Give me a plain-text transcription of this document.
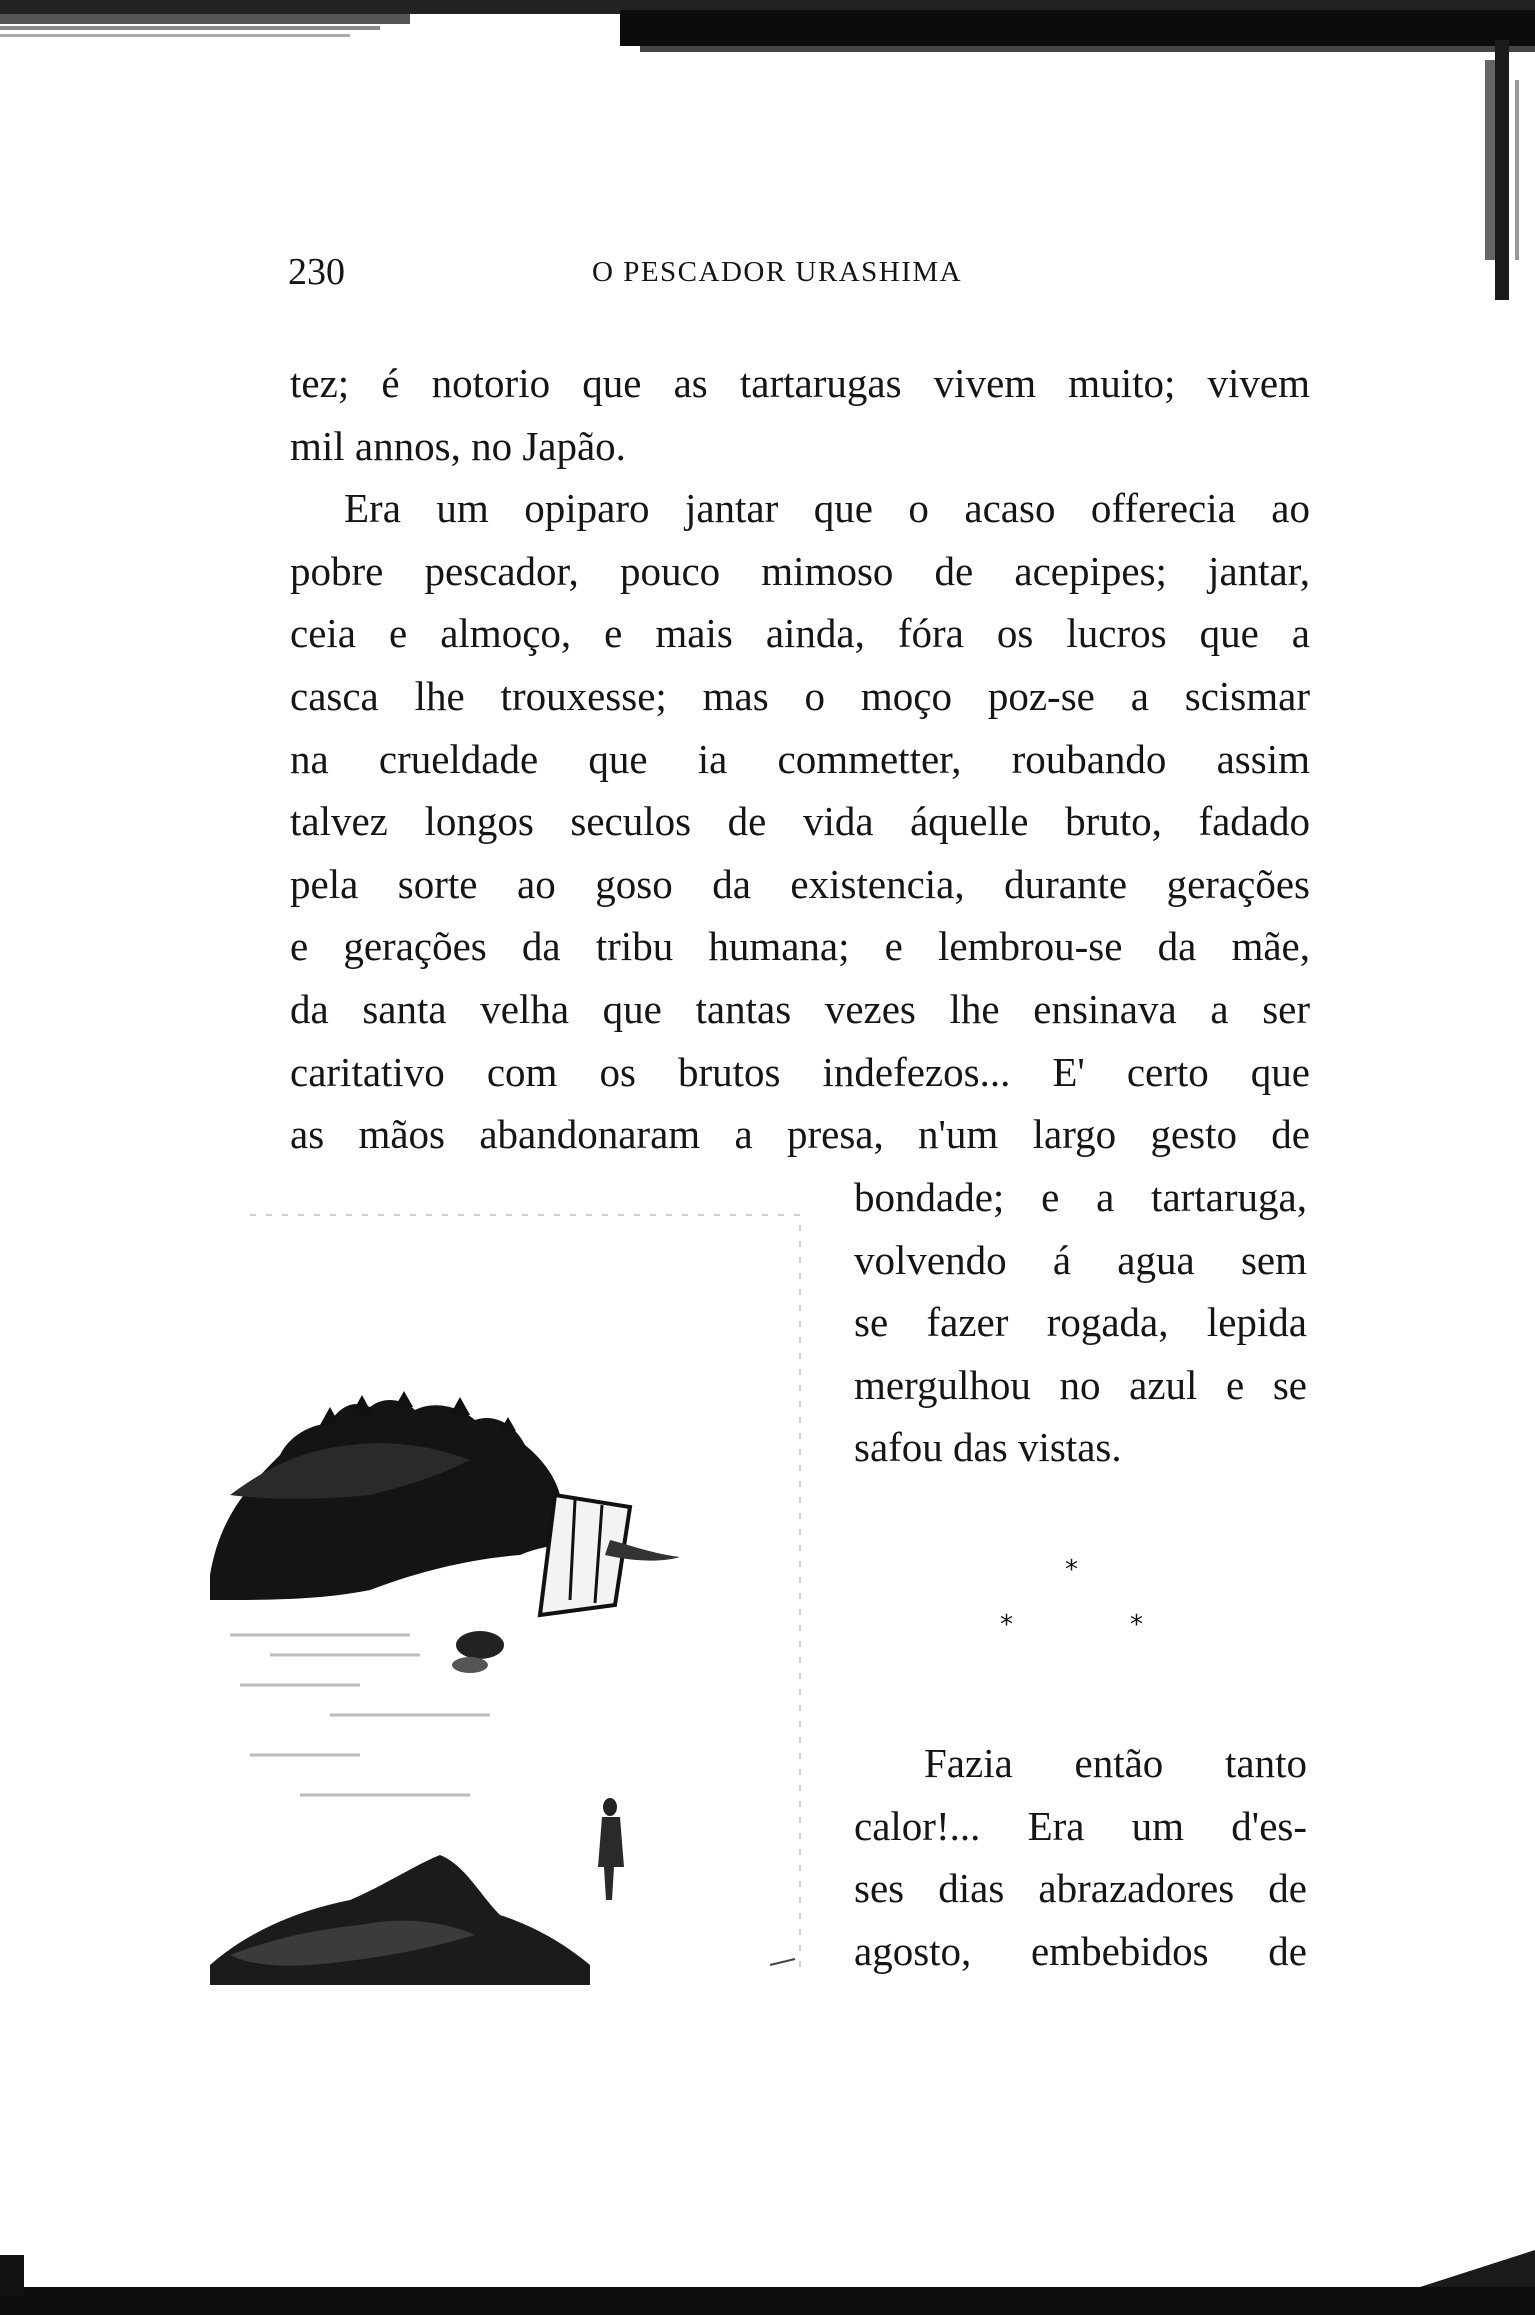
230	O PESCADOR URASHIMA
tez; é notorio que as tartarugas vivem muito; vivem
mil annos, no Japão.
Era um opiparo jantar que o acaso offerecia ao
pobre pescador, pouco mimoso de acepipes; jantar,
ceia e almoço, e mais ainda, fóra os lucros que a
casca lhe trouxesse; mas o moço poz-se a scismar
na crueldade que ia commetter, roubando assim
talvez longos seculos de vida áquelle bruto, fadado
pela sorte ao goso da existencia, durante gerações
e gerações da tribu humana; e lembrou-se da mãe,
da santa velha que tantas vezes lhe ensinava a ser
caritativo com os brutos indefezos... E' certo que
as mãos abandonaram a presa, n'um largo gesto de
bondade; e a tartaruga,
volvendo á agua sem
se fazer rogada, lepida
mergulhou no azul e se
safou das vistas.
*
*	*
Fazia então tanto
calor!... Era um d'es-
ses dias abrazadores de
agosto, embebidos de
